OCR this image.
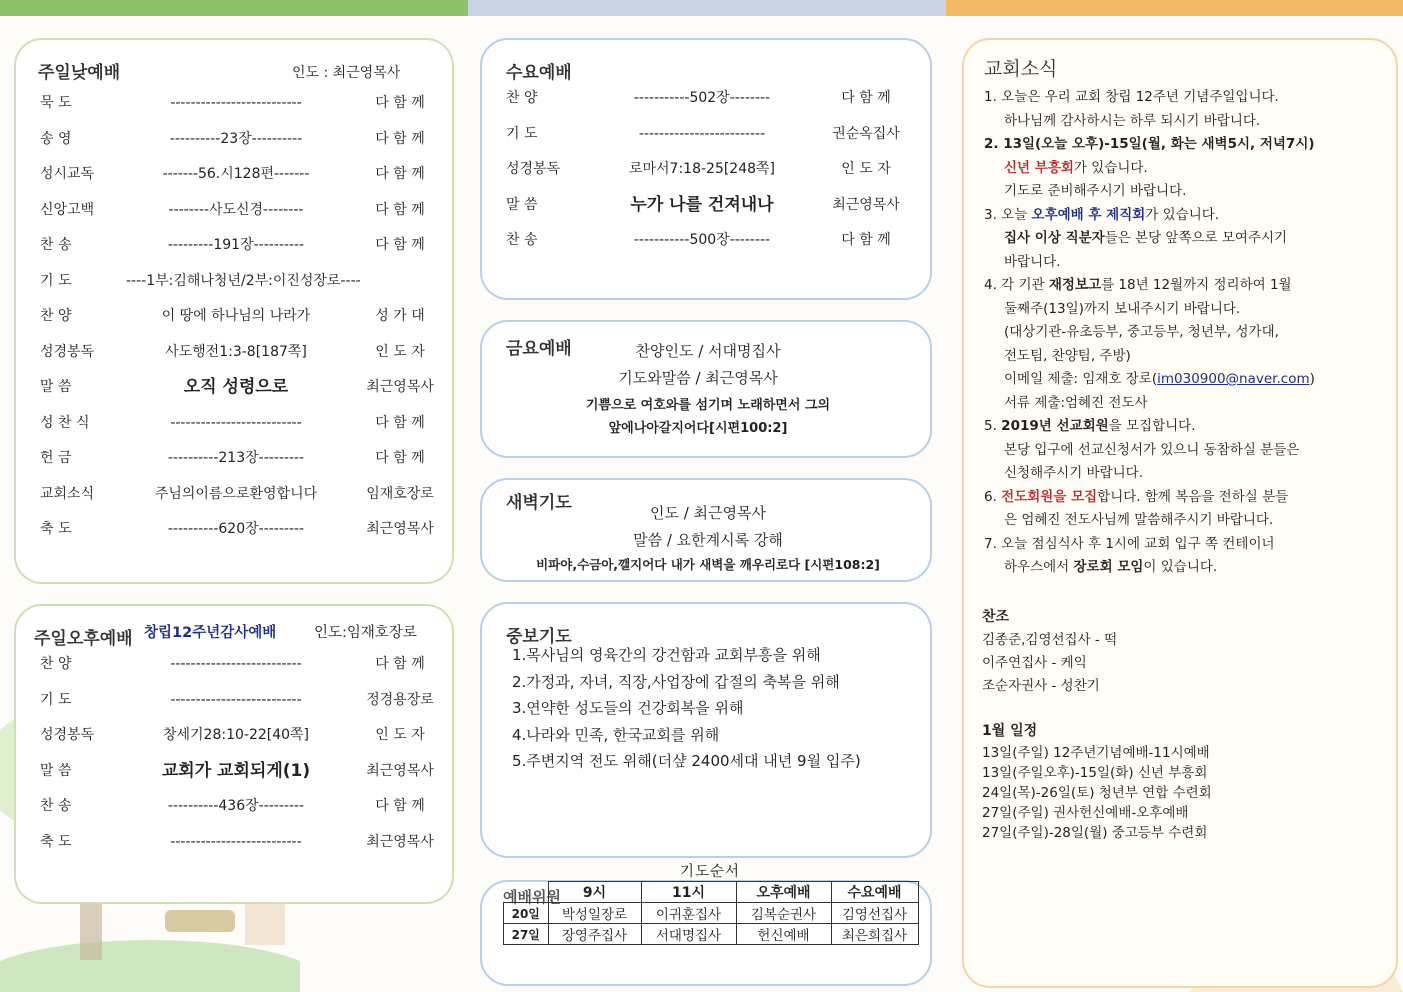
주일낮예배	인도 : 최근영목사
묵 도	--------------------------	다 함 께
송 영	----------23장----------	다 함 께
성시교독	-------56.시128편-------	다 함 께
신앙고백	--------사도신경--------	다 함 께
찬 송	---------191장----------	다 함 께
기 도	----1부:김해나청년/2부:이진성장로----
찬 양	이 땅에 하나님의 나라가	성 가 대
성경봉독	사도행전1:3-8[187쪽]	인 도 자
말 씀	오직 성령으로	최근영목사
성 찬 식	--------------------------	다 함 께
헌 금	----------213장---------	다 함 께
교회소식	주님의이름으로환영합니다	임재호장로
축 도	----------620장---------	최근영목사
주일오후예배 창립12주년감사예배	인도:임재호장로
찬 양	--------------------------	다 함 께
기 도	--------------------------	정경용장로
성경봉독	창세기28:10-22[40쪽]	인 도 자
말 씀	교회가 교회되게(1)	최근영목사
찬 송	----------436장---------	다 함 께
축 도	--------------------------	최근영목사
수요예배
찬 양	-----------502장--------	다 함 께
기 도	-------------------------	권순옥집사
성경봉독	로마서7:18-25[248쪽]	인 도 자
말 씀	누가 나를 건져내나	최근영목사
찬 송	-----------500장--------	다 함 께
금요예배	찬양인도 / 서대명집사
기도와말씀 / 최근영목사
기쁨으로 여호와를 섬기며 노래하면서 그의
앞에나아갈지어다[시편100:2]
새벽기도	인도 / 최근영목사
말씀 / 요한계시록 강해
비파야,수금아,깰지어다 내가 새벽을 깨우리로다 [시편108:2]
중보기도
1.목사님의 영육간의 강건함과 교회부흥을 위해
2.가정과, 자녀, 직장,사업장에 갑절의 축복을 위해
3.연약한 성도들의 건강회복을 위해
4.나라와 민족, 한국교회를 위해
5.주변지역 전도 위해(더샾 2400세대 내년 9월 입주)
기도순서
예배위원
	9시	11시	오후예배	수요예배
20일	박성일장로	이귀훈집사	김복순권사	김영선집사
27일	장영주집사	서대명집사	헌신예배	최은희집사
교회소식
1. 오늘은 우리 교회 창립 12주년 기념주일입니다.
하나님께 감사하시는 하루 되시기 바랍니다.
2. 13일(오늘 오후)-15일(월, 화는 새벽5시, 저녁7시)
신년 부흥회가 있습니다.
기도로 준비해주시기 바랍니다.
3. 오늘 오후예배 후 제직회가 있습니다.
집사 이상 직분자들은 본당 앞쪽으로 모여주시기
바랍니다.
4. 각 기관 재정보고를 18년 12월까지 정리하여 1월
둘째주(13일)까지 보내주시기 바랍니다.
(대상기관-유초등부, 중고등부, 청년부, 성가대,
전도팀, 찬양팀, 주방)
이메일 제출: 임재호 장로(im030900@naver.com)
서류 제출:엄혜진 전도사
5. 2019년 선교회원을 모집합니다.
본당 입구에 선교신청서가 있으니 동참하실 분들은
신청해주시기 바랍니다.
6. 전도회원을 모집합니다. 함께 복음을 전하실 분들
은 엄혜진 전도사님께 말씀해주시기 바랍니다.
7. 오늘 점심식사 후 1시에 교회 입구 쪽 컨테이너
하우스에서 장로회 모임이 있습니다.
찬조
김종준,김영선집사 - 떡
이주연집사 - 케익
조순자권사 - 성찬기
1월 일정
13일(주일) 12주년기념예배-11시예배
13일(주일오후)-15일(화) 신년 부흥회
24일(목)-26일(토) 청년부 연합 수련회
27일(주일) 권사헌신예배-오후예배
27일(주일)-28일(월) 중고등부 수련회
